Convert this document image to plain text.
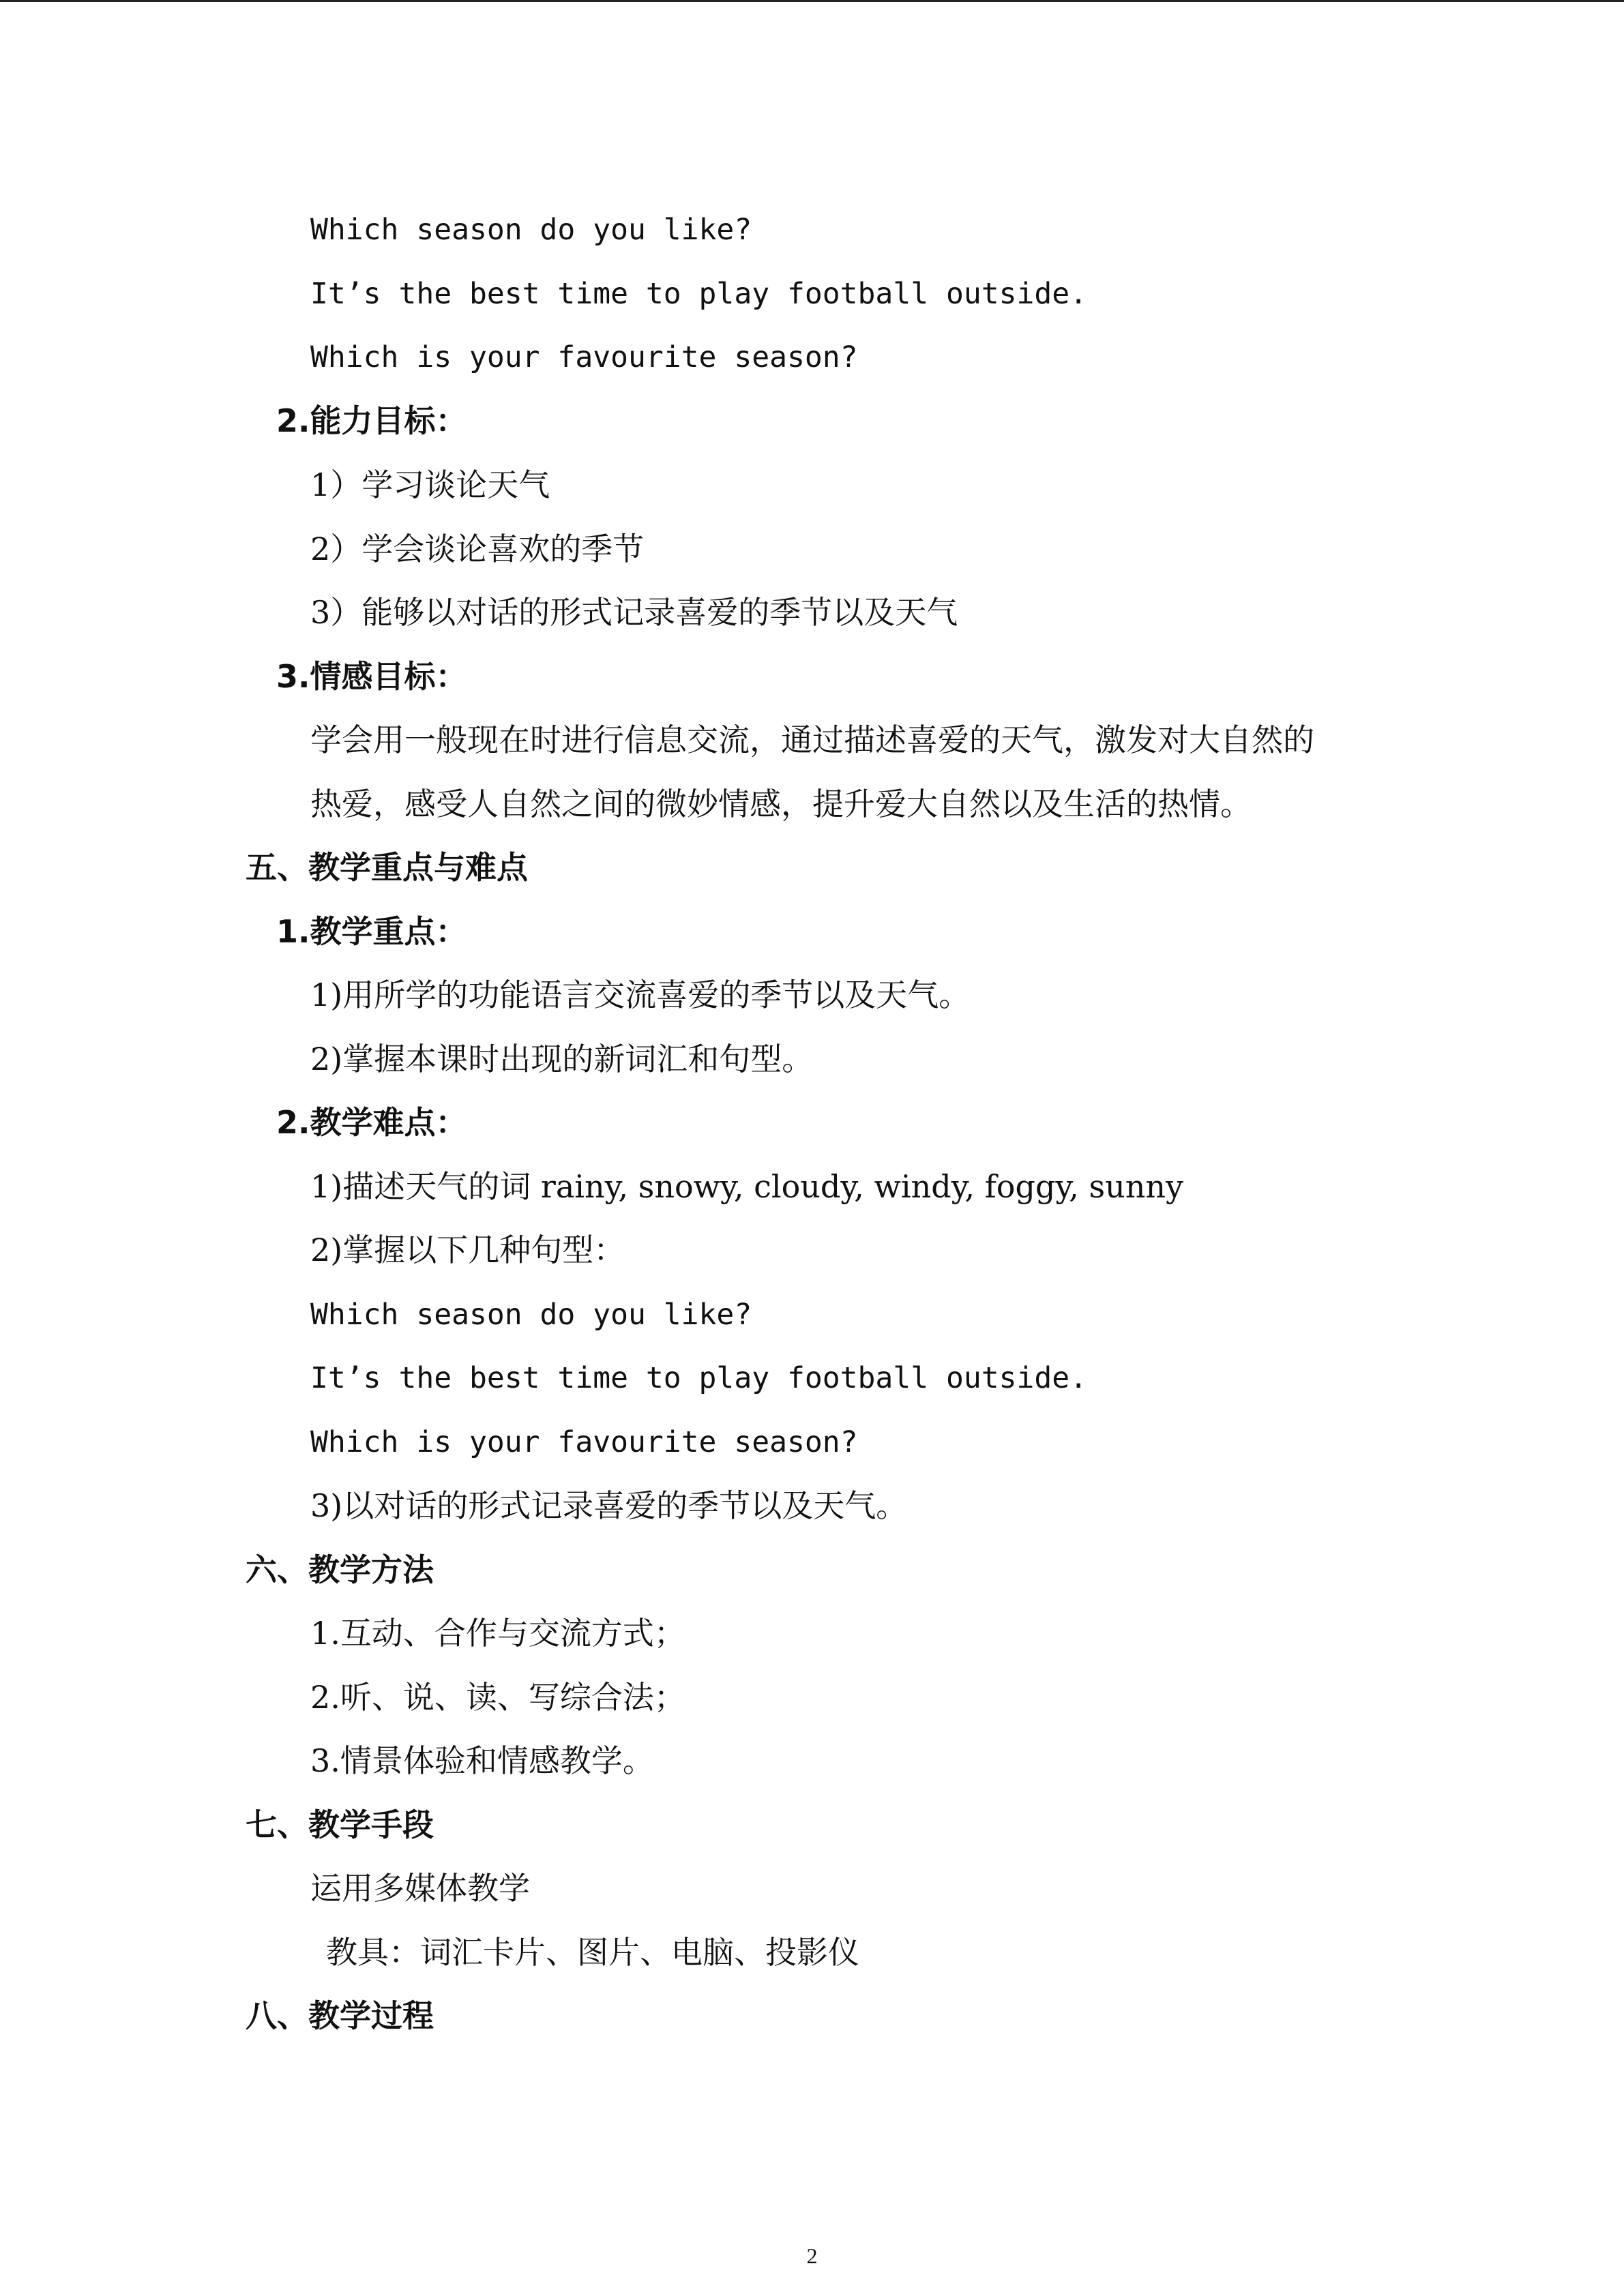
Which season do you like?
It’s the best time to play football outside.
Which is your favourite season?
2.能力目标：
1）学习谈论天气
2）学会谈论喜欢的季节
3）能够以对话的形式记录喜爱的季节以及天气
3.情感目标：
学会用一般现在时进行信息交流，通过描述喜爱的天气，激发对大自然的
热爱，感受人自然之间的微妙情感，提升爱大自然以及生活的热情。
五、教学重点与难点
1.教学重点：
1)用所学的功能语言交流喜爱的季节以及天气。
2)掌握本课时出现的新词汇和句型。
2.教学难点：
1)描述天气的词 rainy, snowy, cloudy, windy, foggy, sunny
2)掌握以下几种句型：
Which season do you like?
It’s the best time to play football outside.
Which is your favourite season?
3)以对话的形式记录喜爱的季节以及天气。
六、教学方法
1.互动、合作与交流方式；
2.听、说、读、写综合法；
3.情景体验和情感教学。
七、教学手段
运用多媒体教学
教具：词汇卡片、图片、电脑、投影仪
八、教学过程
2
